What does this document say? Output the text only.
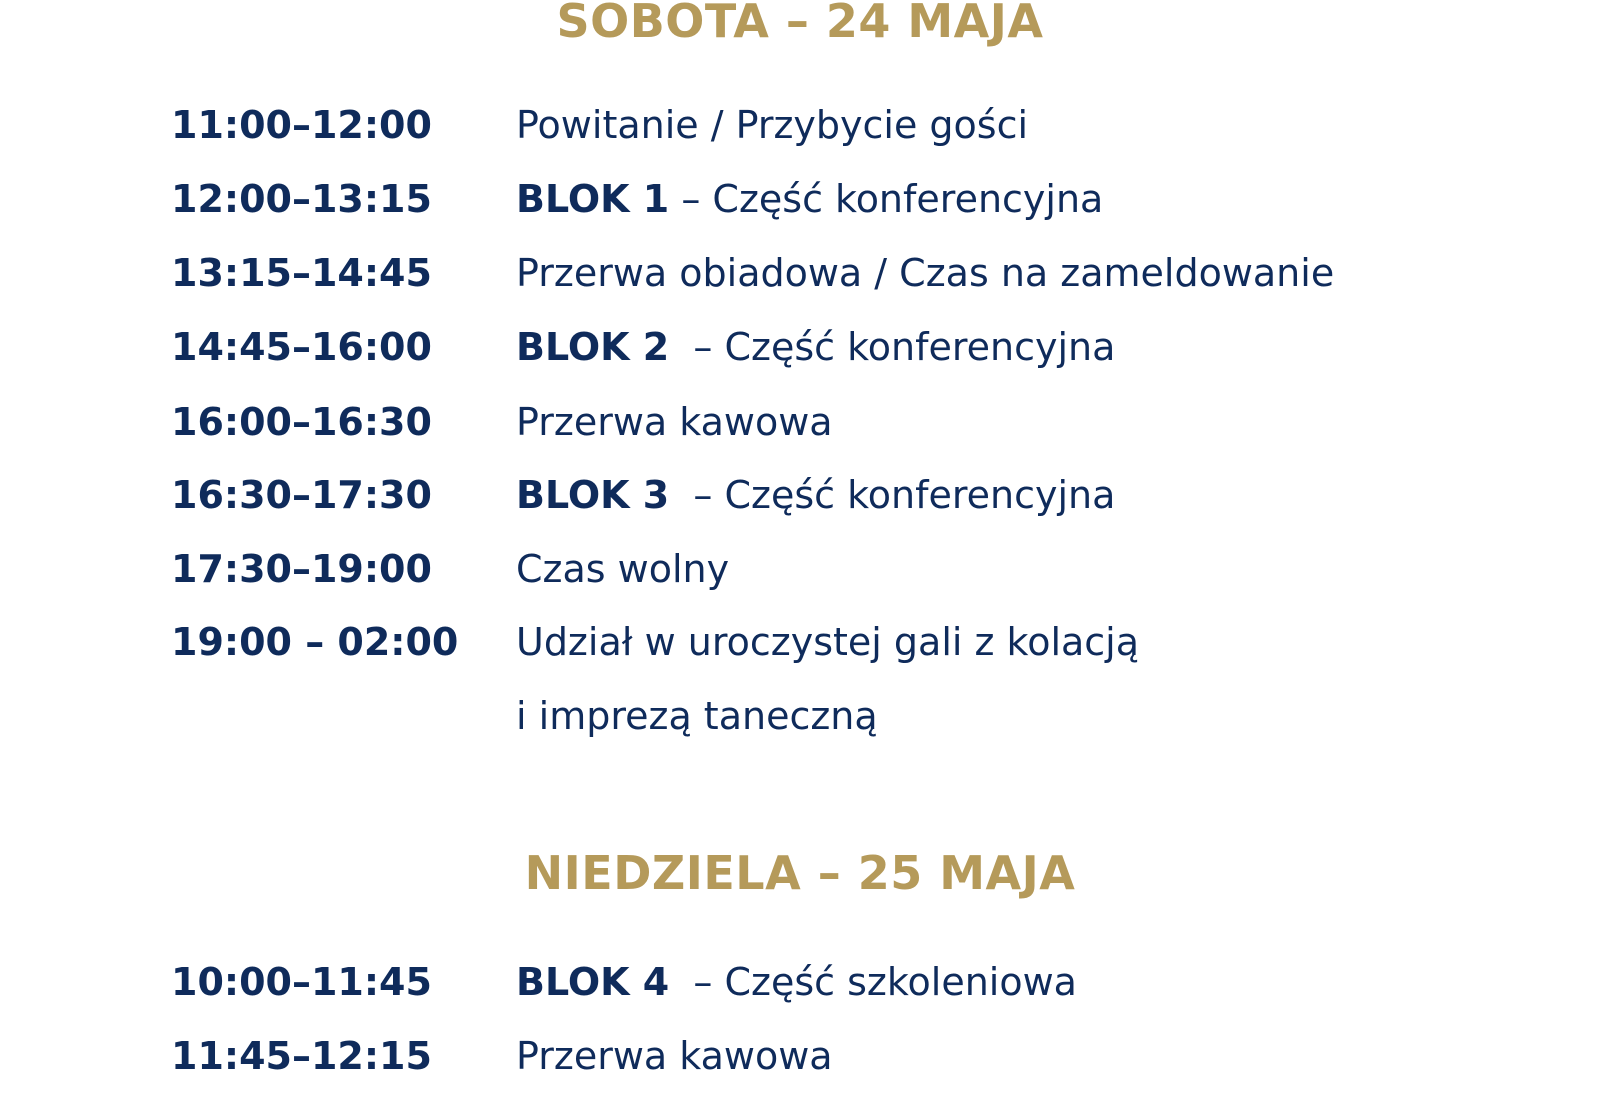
SOBOTA – 24 MAJA
11:00–12:00 Powitanie / Przybycie gości
12:00–13:15 BLOK 1 – Część konferencyjna
13:15–14:45 Przerwa obiadowa / Czas na zameldowanie
14:45–16:00 BLOK 2  – Część konferencyjna
16:00–16:30 Przerwa kawowa
16:30–17:30 BLOK 3  – Część konferencyjna
17:30–19:00 Czas wolny
19:00 – 02:00 Udział w uroczystej gali z kolacją
i imprezą taneczną
NIEDZIELA – 25 MAJA
10:00–11:45 BLOK 4  – Część szkoleniowa
11:45–12:15 Przerwa kawowa
